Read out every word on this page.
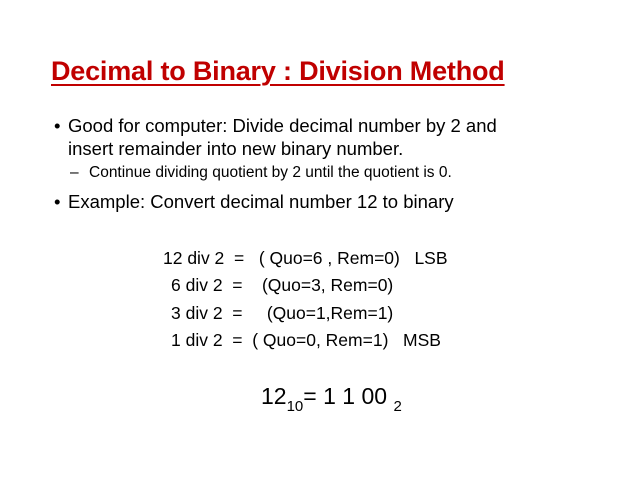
Decimal to Binary : Division Method
• Good for computer: Divide decimal number by 2 and
insert remainder into new binary number.
– Continue dividing quotient by 2 until the quotient is 0.
• Example: Convert decimal number 12 to binary
12 div 2  =   ( Quo=6 , Rem=0)   LSB
6 div 2  =    (Quo=3, Rem=0)
3 div 2  =     (Quo=1,Rem=1)
1 div 2  =  ( Quo=0, Rem=1)   MSB
$12_{10}= 1$ 1 00 $_2$
